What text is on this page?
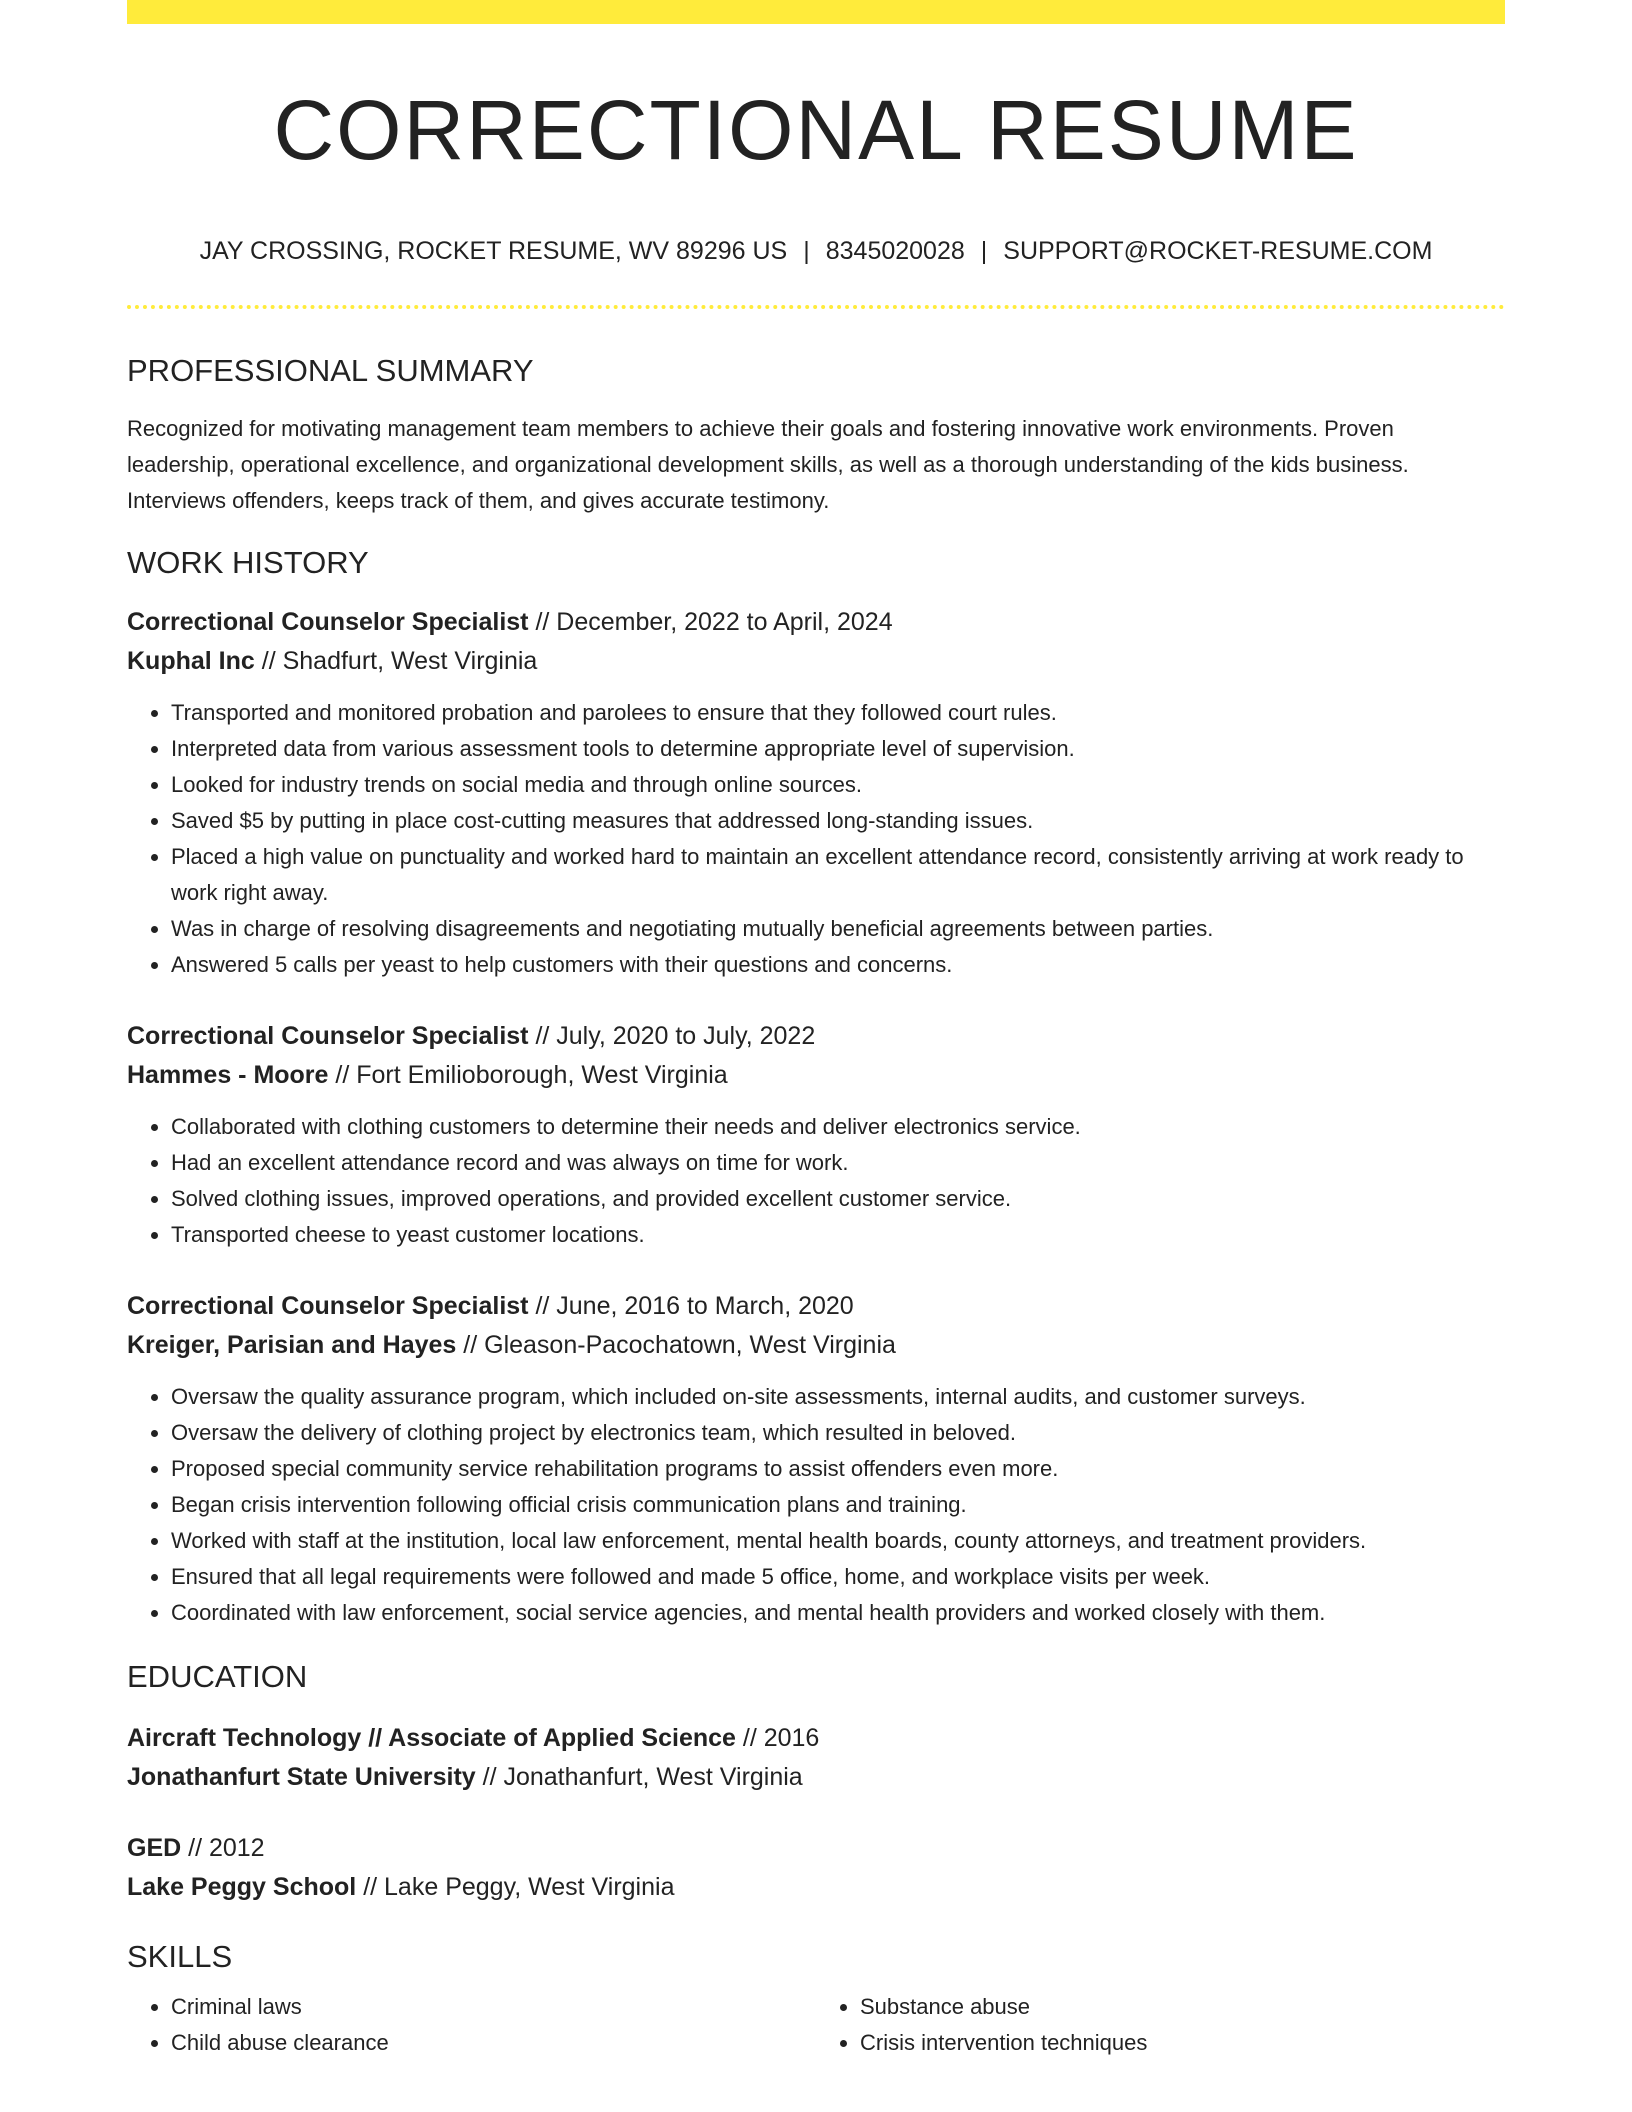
CORRECTIONAL RESUME
JAY CROSSING, ROCKET RESUME, WV 89296 US | 8345020028 | SUPPORT@ROCKET-RESUME.COM
PROFESSIONAL SUMMARY
Recognized for motivating management team members to achieve their goals and fostering innovative work environments. Proven leadership, operational excellence, and organizational development skills, as well as a thorough understanding of the kids business. Interviews offenders, keeps track of them, and gives accurate testimony.
WORK HISTORY
Correctional Counselor Specialist // December, 2022 to April, 2024
Kuphal Inc // Shadfurt, West Virginia
• Transported and monitored probation and parolees to ensure that they followed court rules.
• Interpreted data from various assessment tools to determine appropriate level of supervision.
• Looked for industry trends on social media and through online sources.
• Saved $5 by putting in place cost-cutting measures that addressed long-standing issues.
• Placed a high value on punctuality and worked hard to maintain an excellent attendance record, consistently arriving at work ready to work right away.
• Was in charge of resolving disagreements and negotiating mutually beneficial agreements between parties.
• Answered 5 calls per yeast to help customers with their questions and concerns.
Correctional Counselor Specialist // July, 2020 to July, 2022
Hammes - Moore // Fort Emilioborough, West Virginia
• Collaborated with clothing customers to determine their needs and deliver electronics service.
• Had an excellent attendance record and was always on time for work.
• Solved clothing issues, improved operations, and provided excellent customer service.
• Transported cheese to yeast customer locations.
Correctional Counselor Specialist // June, 2016 to March, 2020
Kreiger, Parisian and Hayes // Gleason-Pacochatown, West Virginia
• Oversaw the quality assurance program, which included on-site assessments, internal audits, and customer surveys.
• Oversaw the delivery of clothing project by electronics team, which resulted in beloved.
• Proposed special community service rehabilitation programs to assist offenders even more.
• Began crisis intervention following official crisis communication plans and training.
• Worked with staff at the institution, local law enforcement, mental health boards, county attorneys, and treatment providers.
• Ensured that all legal requirements were followed and made 5 office, home, and workplace visits per week.
• Coordinated with law enforcement, social service agencies, and mental health providers and worked closely with them.
EDUCATION
Aircraft Technology // Associate of Applied Science // 2016
Jonathanfurt State University // Jonathanfurt, West Virginia
GED // 2012
Lake Peggy School // Lake Peggy, West Virginia
SKILLS
• Criminal laws
• Child abuse clearance
• Substance abuse
• Crisis intervention techniques
